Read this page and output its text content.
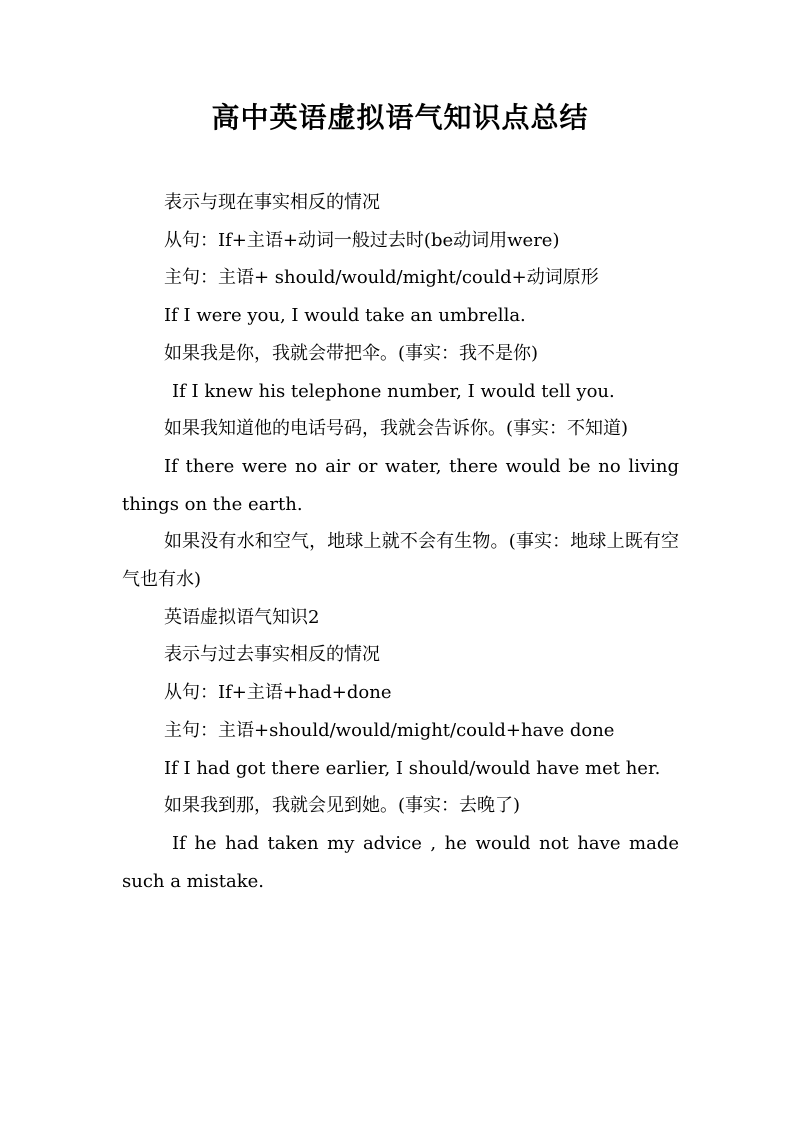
高中英语虚拟语气知识点总结

表示与现在事实相反的情况

从句：If+主语+动词一般过去时(be动词用were)

主句：主语+ should/would/might/could+动词原形

If I were you, I would take an umbrella.

如果我是你，我就会带把伞。(事实：我不是你)

If I knew his telephone number, I would tell you.

如果我知道他的电话号码，我就会告诉你。(事实：不知道)

If there were no air or water, there would be no living things on the earth.

如果没有水和空气，地球上就不会有生物。(事实：地球上既有空气也有水)

英语虚拟语气知识2

表示与过去事实相反的情况

从句：If+主语+had+done

主句：主语+should/would/might/could+have done

If I had got there earlier, I should/would have met her.

如果我到那，我就会见到她。(事实：去晚了)

If he had taken my advice , he would not have made such a mistake.
